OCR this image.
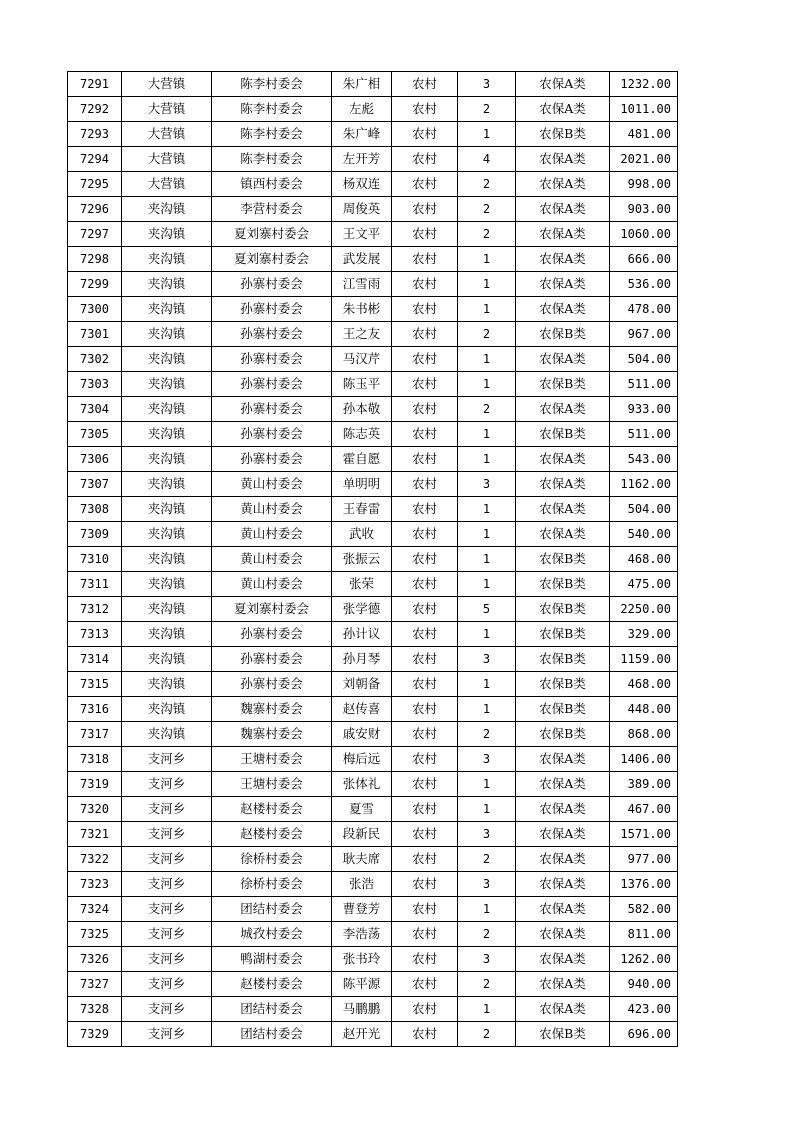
7291	大营镇	陈李村委会	朱广相	农村	3	农保A类	1232.00
7292	大营镇	陈李村委会	左彪	农村	2	农保A类	1011.00
7293	大营镇	陈李村委会	朱广峰	农村	1	农保B类	481.00
7294	大营镇	陈李村委会	左开芳	农村	4	农保A类	2021.00
7295	大营镇	镇西村委会	杨双连	农村	2	农保A类	998.00
7296	夹沟镇	李营村委会	周俊英	农村	2	农保A类	903.00
7297	夹沟镇	夏刘寨村委会	王文平	农村	2	农保A类	1060.00
7298	夹沟镇	夏刘寨村委会	武发展	农村	1	农保A类	666.00
7299	夹沟镇	孙寨村委会	江雪雨	农村	1	农保A类	536.00
7300	夹沟镇	孙寨村委会	朱书彬	农村	1	农保A类	478.00
7301	夹沟镇	孙寨村委会	王之友	农村	2	农保B类	967.00
7302	夹沟镇	孙寨村委会	马汉芹	农村	1	农保A类	504.00
7303	夹沟镇	孙寨村委会	陈玉平	农村	1	农保B类	511.00
7304	夹沟镇	孙寨村委会	孙本敬	农村	2	农保A类	933.00
7305	夹沟镇	孙寨村委会	陈志英	农村	1	农保B类	511.00
7306	夹沟镇	孙寨村委会	霍自愿	农村	1	农保A类	543.00
7307	夹沟镇	黄山村委会	单明明	农村	3	农保A类	1162.00
7308	夹沟镇	黄山村委会	王春雷	农村	1	农保A类	504.00
7309	夹沟镇	黄山村委会	武收	农村	1	农保A类	540.00
7310	夹沟镇	黄山村委会	张振云	农村	1	农保B类	468.00
7311	夹沟镇	黄山村委会	张荣	农村	1	农保B类	475.00
7312	夹沟镇	夏刘寨村委会	张学德	农村	5	农保B类	2250.00
7313	夹沟镇	孙寨村委会	孙计议	农村	1	农保B类	329.00
7314	夹沟镇	孙寨村委会	孙月琴	农村	3	农保B类	1159.00
7315	夹沟镇	孙寨村委会	刘朝备	农村	1	农保B类	468.00
7316	夹沟镇	魏寨村委会	赵传喜	农村	1	农保B类	448.00
7317	夹沟镇	魏寨村委会	戚安财	农村	2	农保B类	868.00
7318	支河乡	王塘村委会	梅后远	农村	3	农保A类	1406.00
7319	支河乡	王塘村委会	张体礼	农村	1	农保A类	389.00
7320	支河乡	赵楼村委会	夏雪	农村	1	农保A类	467.00
7321	支河乡	赵楼村委会	段新民	农村	3	农保A类	1571.00
7322	支河乡	徐桥村委会	耿夫席	农村	2	农保A类	977.00
7323	支河乡	徐桥村委会	张浩	农村	3	农保A类	1376.00
7324	支河乡	团结村委会	曹登芳	农村	1	农保A类	582.00
7325	支河乡	城孜村委会	李浩荡	农村	2	农保A类	811.00
7326	支河乡	鸭湖村委会	张书玲	农村	3	农保A类	1262.00
7327	支河乡	赵楼村委会	陈平源	农村	2	农保A类	940.00
7328	支河乡	团结村委会	马鹏鹏	农村	1	农保A类	423.00
7329	支河乡	团结村委会	赵开光	农村	2	农保B类	696.00
